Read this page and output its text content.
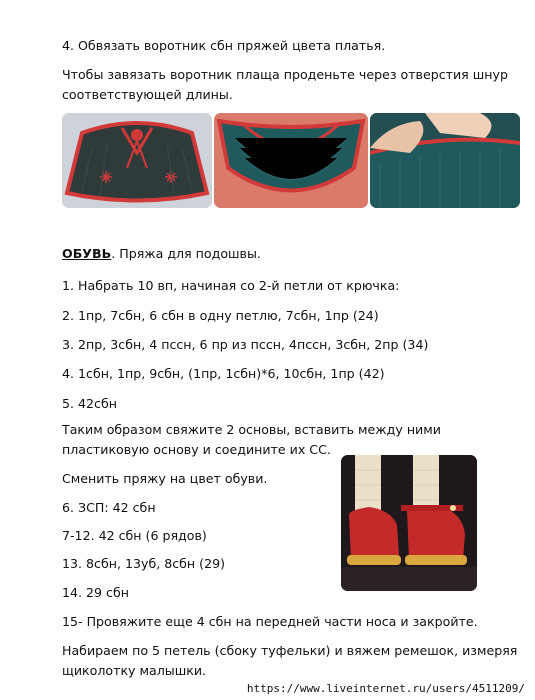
4. Обвязать воротник сбн пряжей цвета платья.
Чтобы завязать воротник плаща проденьте через отверстия шнур
соответствующей длины.
ОБУВЬ. Пряжа для подошвы.
1. Набрать 10 вп, начиная со 2-й петли от крючка:
2. 1пр, 7сбн, 6 сбн в одну петлю, 7сбн, 1пр (24)
3. 2пр, 3сбн, 4 пссн, 6 пр из пссн, 4пссн, 3сбн, 2пр (34)
4. 1сбн, 1пр, 9сбн, (1пр, 1сбн)*6, 10сбн, 1пр (42)
5. 42сбн
Таким образом свяжите 2 основы, вставить между ними
пластиковую основу и соедините их СС.
Сменить пряжу на цвет обуви.
6. ЗСП: 42 сбн
7-12. 42 сбн (6 рядов)
13. 8сбн, 13уб, 8сбн (29)
14. 29 сбн
15- Провяжите еще 4 сбн на передней части носа и закройте.
Набираем по 5 петель (сбоку туфельки) и вяжем ремешок, измеряя
щиколотку малышки.
https://www.liveinternet.ru/users/4511209/
